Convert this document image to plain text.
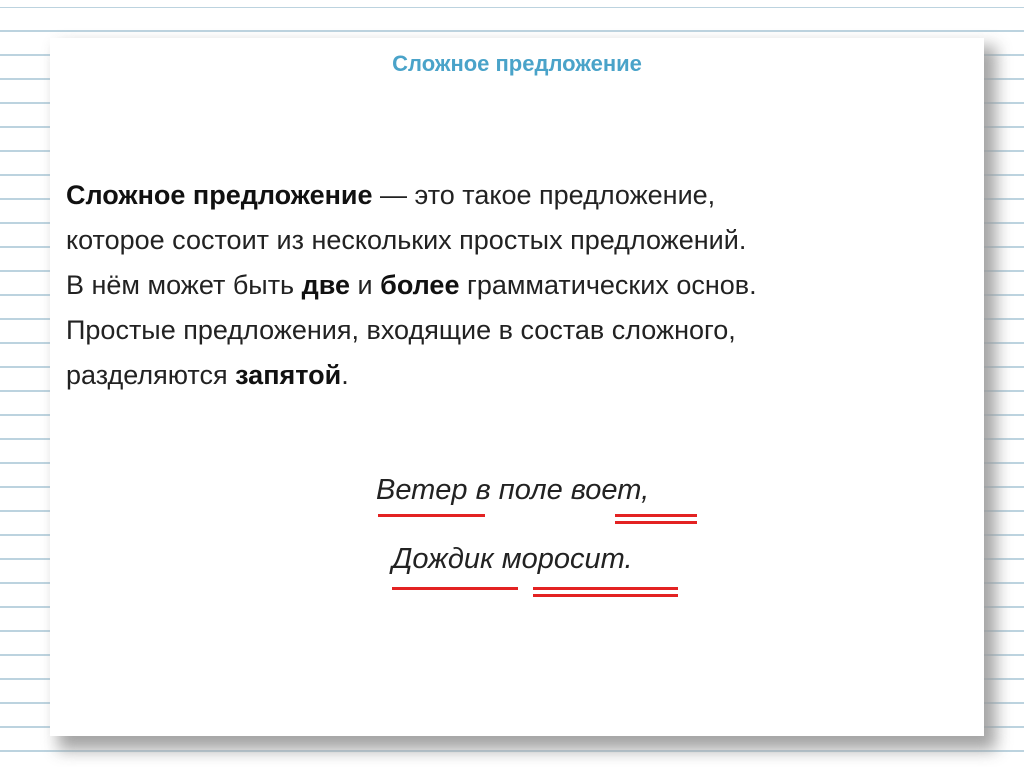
Сложное предложение

Сложное предложение — это такое предложение,
которое состоит из нескольких простых предложений.
В нём может быть две и более грамматических основ.
Простые предложения, входящие в состав сложного,
разделяются запятой.

Ветер в поле воет,

Дождик моросит.
